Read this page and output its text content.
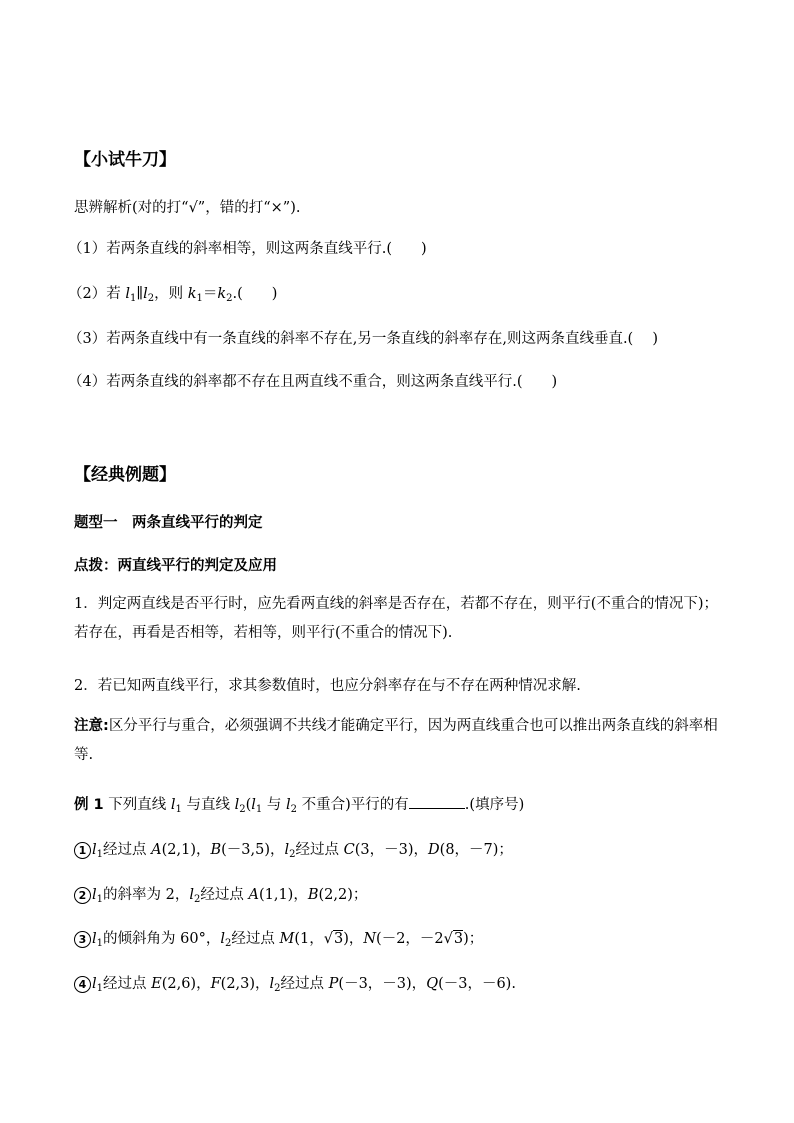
【小试牛刀】
思辨解析(对的打“√”，错的打“×”).
（1）若两条直线的斜率相等，则这两条直线平行.(　　)
（2）若 $l_1\parallel l_2$，则 $k_1=k_2$.(　　)
（3）若两条直线中有一条直线的斜率不存在,另一条直线的斜率存在,则这两条直线垂直.(　 )
（4）若两条直线的斜率都不存在且两直线不重合，则这两条直线平行.(　　)
【经典例题】
题型一　两条直线平行的判定
点拨：两直线平行的判定及应用
1．判定两直线是否平行时，应先看两直线的斜率是否存在，若都不存在，则平行(不重合的情况下)；若存在，再看是否相等，若相等，则平行(不重合的情况下).
2．若已知两直线平行，求其参数值时，也应分斜率存在与不存在两种情况求解.
注意:区分平行与重合，必须强调不共线才能确定平行，因为两直线重合也可以推出两条直线的斜率相等.
例 1 下列直线 $l_1$ 与直线 $l_2(l_1$ 与 $l_2$ 不重合)平行的有	.(填序号)
1 $l_1$经过点 A(2,1)，B(－3,5)，$l_2$经过点 C(3，－3)，D(8，－7)；
2 $l_1$的斜率为 2，$l_2$经过点 A(1,1)，B(2,2)；
3 $l_1$的倾斜角为 60°，$l_2$经过点 M(1，√3)，N(－2，－2√3)；
4 $l_1$经过点 E(2,6)，F(2,3)，$l_2$经过点 P(－3，－3)，Q(－3，－6).
